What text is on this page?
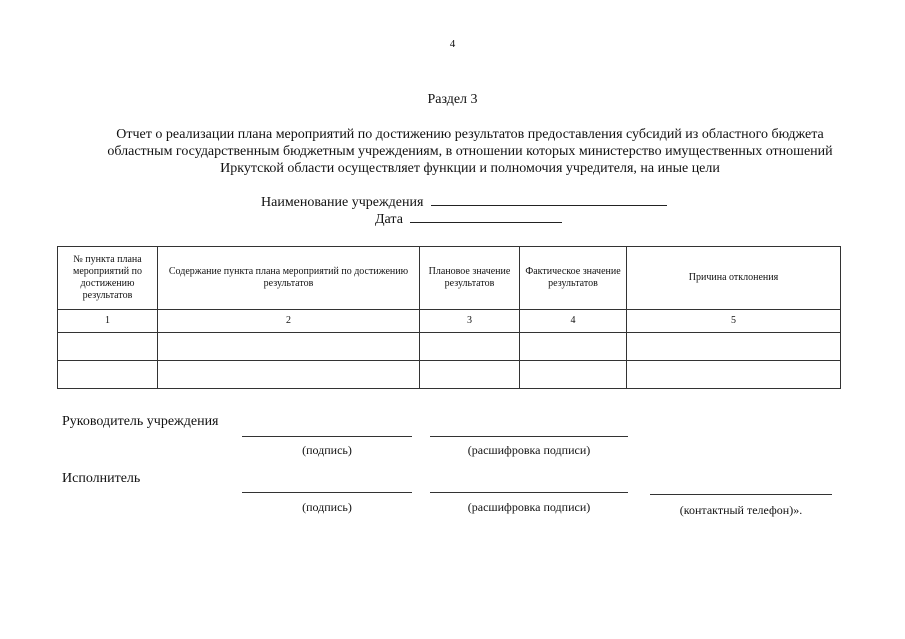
4
Раздел 3
Отчет о реализации плана мероприятий по достижению результатов предоставления субсидий из областного бюджета
областным государственным бюджетным учреждениям, в отношении которых министерство имущественных отношений
Иркутской области осуществляет функции и полномочия учредителя, на иные цели
Наименование учреждения
Дата
№ пункта плана мероприятий по достижению результатов	Содержание пункта плана мероприятий по достижению результатов	Плановое значение результатов	Фактическое значение результатов	Причина отклонения
1	2	3	4	5

Руководитель учреждения
(подпись)	(расшифровка подписи)
Исполнитель
(подпись)	(расшифровка подписи)	(контактный телефон)».
